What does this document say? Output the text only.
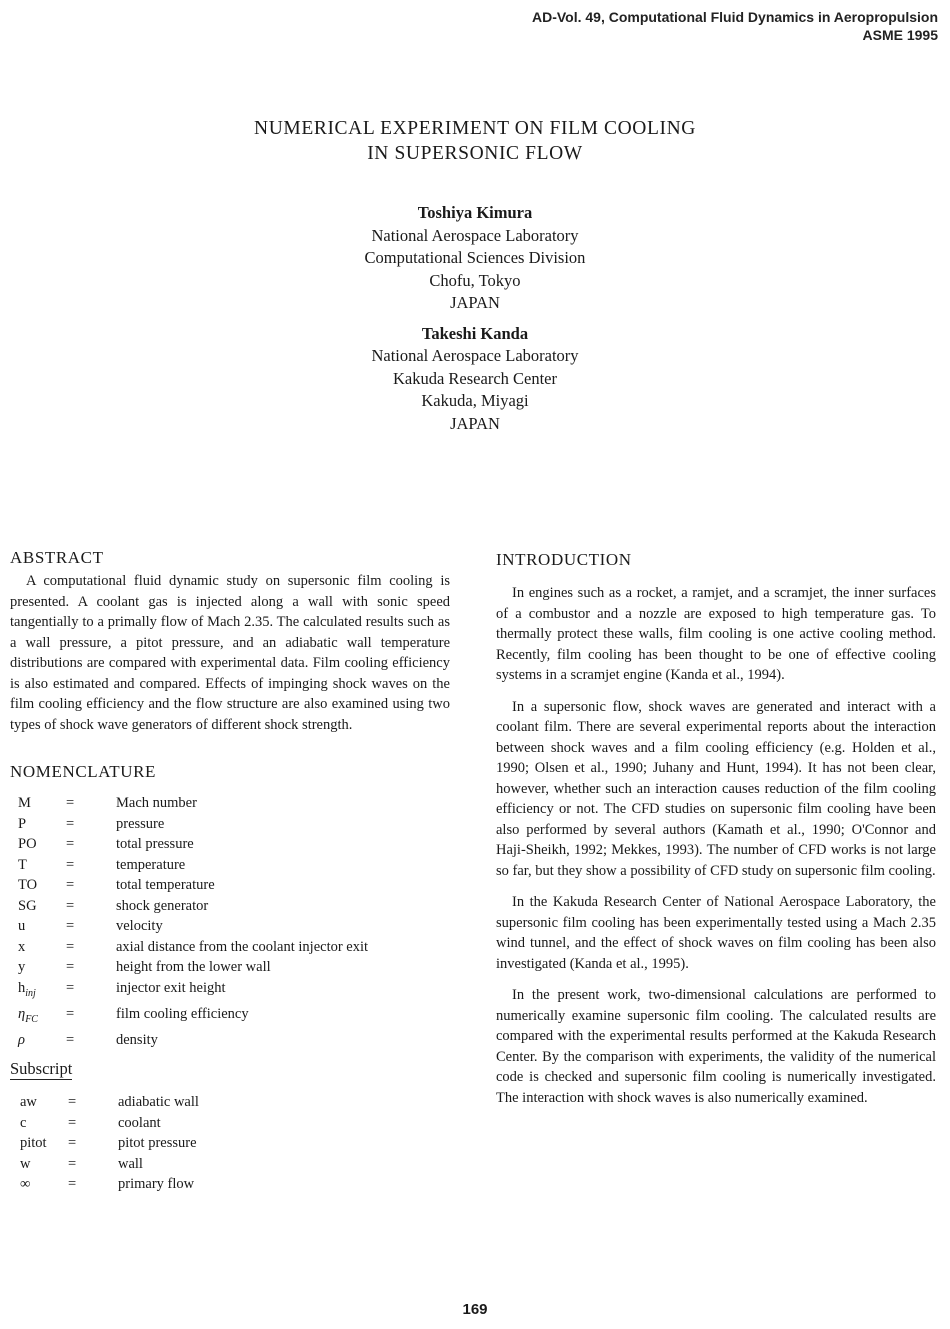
AD-Vol. 49, Computational Fluid Dynamics in Aeropropulsion
ASME 1995
NUMERICAL EXPERIMENT ON FILM COOLING
IN SUPERSONIC FLOW
Toshiya Kimura
National Aerospace Laboratory
Computational Sciences Division
Chofu, Tokyo
JAPAN
Takeshi Kanda
National Aerospace Laboratory
Kakuda Research Center
Kakuda, Miyagi
JAPAN
ABSTRACT

A computational fluid dynamic study on supersonic film cooling is presented. A coolant gas is injected along a wall with sonic speed tangentially to a primally flow of Mach 2.35. The calculated results such as a wall pressure, a pitot pressure, and an adiabatic wall temperature distributions are compared with experimental data. Film cooling efficiency is also estimated and compared. Effects of impinging shock waves on the film cooling efficiency and the flow structure are also examined using two types of shock wave generators of different shock strength.

NOMENCLATURE
M	=	Mach number
P	=	pressure
PO	=	total pressure
T	=	temperature
TO	=	total temperature
SG	=	shock generator
u	=	velocity
x	=	axial distance from the coolant injector exit
y	=	height from the lower wall
$h_{inj}$	=	injector exit height
$\eta_{FC}$	=	film cooling efficiency
ρ	=	density
Subscript
aw	=	adiabatic wall
c	=	coolant
pitot	=	pitot pressure
w	=	wall
∞	=	primary flow
INTRODUCTION

In engines such as a rocket, a ramjet, and a scramjet, the inner surfaces of a combustor and a nozzle are exposed to high temperature gas. To thermally protect these walls, film cooling is one active cooling method. Recently, film cooling has been thought to be one of effective cooling systems in a scramjet engine (Kanda et al., 1994).

In a supersonic flow, shock waves are generated and interact with a coolant film. There are several experimental reports about the interaction between shock waves and a film cooling efficiency (e.g. Holden et al., 1990; Olsen et al., 1990; Juhany and Hunt, 1994). It has not been clear, however, whether such an interaction causes reduction of the film cooling efficiency or not. The CFD studies on supersonic film cooling have been also performed by several authors (Kamath et al., 1990; O'Connor and Haji-Sheikh, 1992; Mekkes, 1993). The number of CFD works is not large so far, but they show a possibility of CFD study on supersonic film cooling.

In the Kakuda Research Center of National Aerospace Laboratory, the supersonic film cooling has been experimentally tested using a Mach 2.35 wind tunnel, and the effect of shock waves on film cooling has been also investigated (Kanda et al., 1995).

In the present work, two-dimensional calculations are performed to numerically examine supersonic film cooling. The calculated results are compared with the experimental results performed at the Kakuda Research Center. By the comparison with experiments, the validity of the numerical code is checked and supersonic film cooling is numerically investigated. The interaction with shock waves is also numerically examined.

169
